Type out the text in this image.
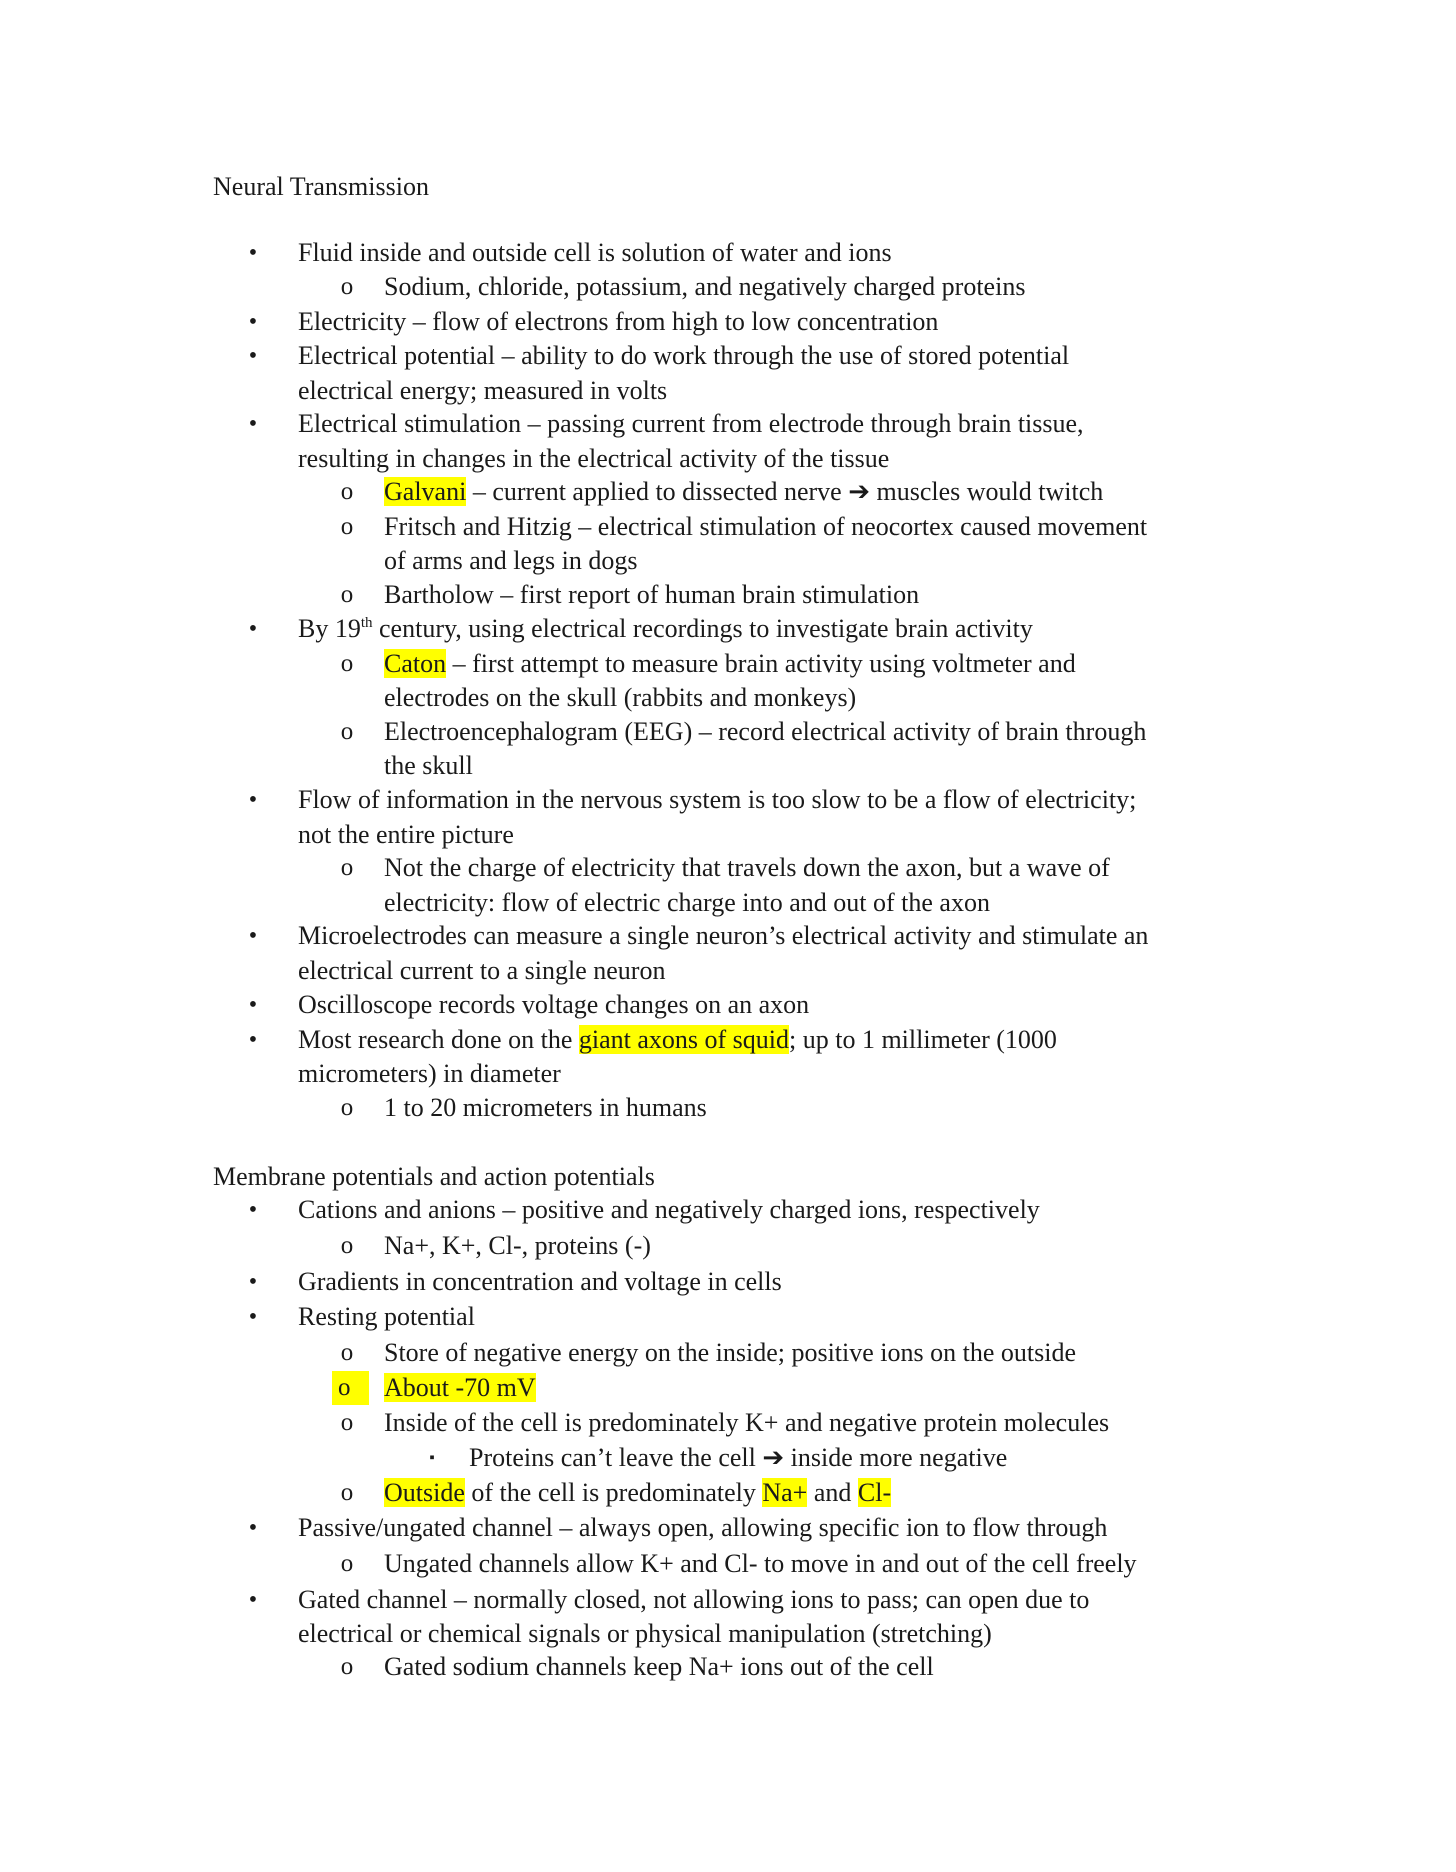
Neural Transmission
•	Fluid inside and outside cell is solution of water and ions
o	Sodium, chloride, potassium, and negatively charged proteins
•	Electricity – flow of electrons from high to low concentration
•	Electrical potential – ability to do work through the use of stored potential
electrical energy; measured in volts
•	Electrical stimulation – passing current from electrode through brain tissue,
resulting in changes in the electrical activity of the tissue
o	Galvani – current applied to dissected nerve ➔ muscles would twitch
o	Fritsch and Hitzig – electrical stimulation of neocortex caused movement
of arms and legs in dogs
o	Bartholow – first report of human brain stimulation
•	By 19th century, using electrical recordings to investigate brain activity
o	Caton – first attempt to measure brain activity using voltmeter and
electrodes on the skull (rabbits and monkeys)
o	Electroencephalogram (EEG) – record electrical activity of brain through
the skull
•	Flow of information in the nervous system is too slow to be a flow of electricity;
not the entire picture
o	Not the charge of electricity that travels down the axon, but a wave of
electricity: flow of electric charge into and out of the axon
•	Microelectrodes can measure a single neuron’s electrical activity and stimulate an
electrical current to a single neuron
•	Oscilloscope records voltage changes on an axon
•	Most research done on the giant axons of squid; up to 1 millimeter (1000
micrometers) in diameter
o	1 to 20 micrometers in humans
Membrane potentials and action potentials
•	Cations and anions – positive and negatively charged ions, respectively
o	Na+, K+, Cl-, proteins (-)
•	Gradients in concentration and voltage in cells
•	Resting potential
o	Store of negative energy on the inside; positive ions on the outside
o	About -70 mV
o	Inside of the cell is predominately K+ and negative protein molecules
▪	Proteins can’t leave the cell ➔ inside more negative
o	Outside of the cell is predominately Na+ and Cl-
•	Passive/ungated channel – always open, allowing specific ion to flow through
o	Ungated channels allow K+ and Cl- to move in and out of the cell freely
•	Gated channel – normally closed, not allowing ions to pass; can open due to
electrical or chemical signals or physical manipulation (stretching)
o	Gated sodium channels keep Na+ ions out of the cell
